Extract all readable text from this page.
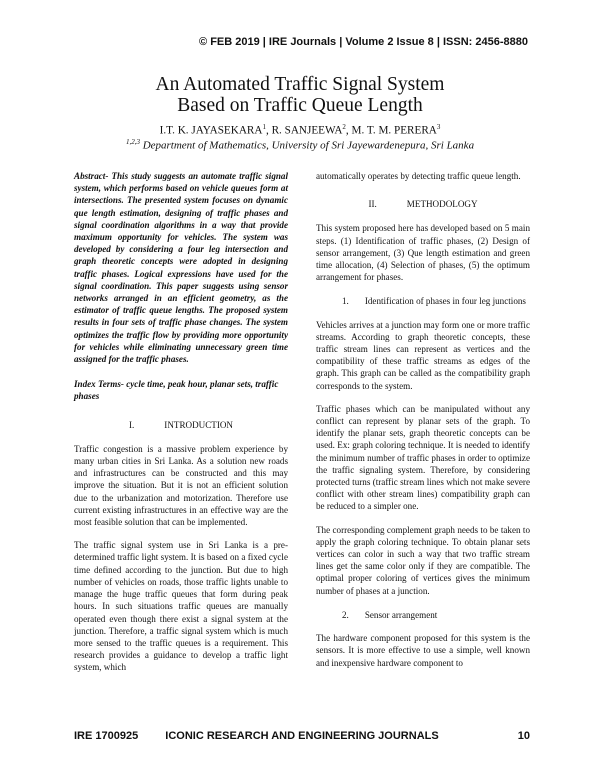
© FEB 2019 | IRE Journals | Volume 2 Issue 8 | ISSN: 2456-8880
An Automated Traffic Signal System
Based on Traffic Queue Length
I.T. K. JAYASEKARA$^1$, R. SANJEEWA$^2$, M. T. M. PERERA$^3$
$^{1,2,3}$ Department of Mathematics, University of Sri Jayewardenepura, Sri Lanka

Abstract- This study suggests an automate traffic signal system, which performs based on vehicle queues form at intersections. The presented system focuses on dynamic que length estimation, designing of traffic phases and signal coordination algorithms in a way that provide maximum opportunity for vehicles. The system was developed by considering a four leg intersection and graph theoretic concepts were adopted in designing traffic phases. Logical expressions have used for the signal coordination. This paper suggests using sensor networks arranged in an efficient geometry, as the estimator of traffic queue lengths. The proposed system results in four sets of traffic phase changes. The system optimizes the traffic flow by providing more opportunity for vehicles while eliminating unnecessary green time assigned for the traffic phases.

Index Terms- cycle time, peak hour, planar sets, traffic phases

I.	INTRODUCTION

Traffic congestion is a massive problem experience by many urban cities in Sri Lanka. As a solution new roads and infrastructures can be constructed and this may improve the situation. But it is not an efficient solution due to the urbanization and motorization. Therefore use current existing infrastructures in an effective way are the most feasible solution that can be implemented.

The traffic signal system use in Sri Lanka is a pre-determined traffic light system. It is based on a fixed cycle time defined according to the junction. But due to high number of vehicles on roads, those traffic lights unable to manage the huge traffic queues that form during peak hours. In such situations traffic queues are manually operated even though there exist a signal system at the junction. Therefore, a traffic signal system which is much more sensed to the traffic queues is a requirement. This research provides a guidance to develop a traffic light system, which

automatically operates by detecting traffic queue length.

II.	METHODOLOGY

This system proposed here has developed based on 5 main steps. (1) Identification of traffic phases, (2) Design of sensor arrangement, (3) Que length estimation and green time allocation, (4) Selection of phases, (5) the optimum arrangement for phases.

1. Identification of phases in four leg junctions

Vehicles arrives at a junction may form one or more traffic streams. According to graph theoretic concepts, these traffic stream lines can represent as vertices and the compatibility of these traffic streams as edges of the graph. This graph can be called as the compatibility graph corresponds to the system.

Traffic phases which can be manipulated without any conflict can represent by planar sets of the graph. To identify the planar sets, graph theoretic concepts can be used. Ex: graph coloring technique. It is needed to identify the minimum number of traffic phases in order to optimize the traffic signaling system. Therefore, by considering protected turns (traffic stream lines which not make severe conflict with other stream lines) compatibility graph can be reduced to a simpler one.

The corresponding complement graph needs to be taken to apply the graph coloring technique. To obtain planar sets vertices can color in such a way that two traffic stream lines get the same color only if they are compatible. The optimal proper coloring of vertices gives the minimum number of phases at a junction.

2. Sensor arrangement

The hardware component proposed for this system is the sensors. It is more effective to use a simple, well known and inexpensive hardware component to

IRE 1700925	ICONIC RESEARCH AND ENGINEERING JOURNALS	10
